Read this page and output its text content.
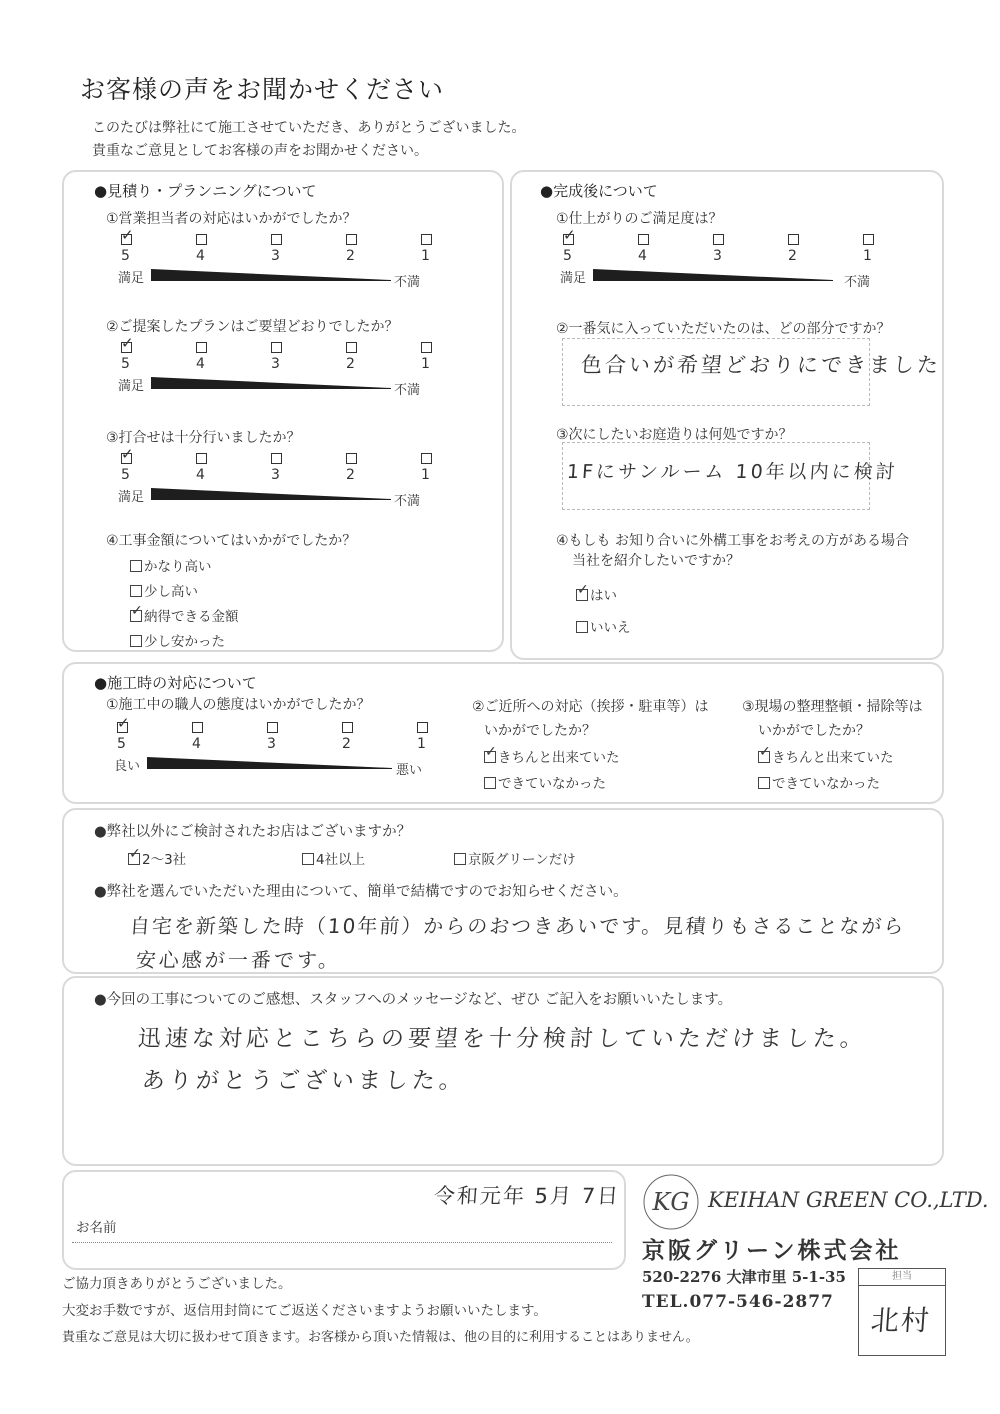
お客様の声をお聞かせください
このたびは弊社にて施工させていただき、ありがとうございました。
貴重なご意見としてお客様の声をお聞かせください。
●見積り・プランニングについて
①営業担当者の対応はいかがでしたか？
✓
5	4	3	2	1
満足	不満
②ご提案したプランはご要望どおりでしたか？
✓
5	4	3	2	1
満足	不満
③打合せは十分行いましたか？
✓
5	4	3	2	1
満足	不満
④工事金額についてはいかがでしたか？
かなり高い
少し高い
✓納得できる金額
少し安かった
●完成後について
①仕上がりのご満足度は？
✓
5	4	3	2	1
満足	不満
②一番気に入っていただいたのは、どの部分ですか？
色合いが希望どおりにできました
③次にしたいお庭造りは何処ですか？
1Fにサンルーム 10年以内に検討
④もしも お知り合いに外構工事をお考えの方がある場合
当社を紹介したいですか？
✓はい
いいえ
●施工時の対応について
①施工中の職人の態度はいかがでしたか？
✓
5	4	3	2	1
良い	悪い
②ご近所への対応（挨拶・駐車等）は
いかがでしたか？
✓きちんと出来ていた
できていなかった
③現場の整理整頓・掃除等は
いかがでしたか？
✓きちんと出来ていた
できていなかった
●弊社以外にご検討されたお店はございますか？
✓2～3社	4社以上	京阪グリーンだけ
●弊社を選んでいただいた理由について、簡単で結構ですのでお知らせください。
自宅を新築した時（10年前）からのおつきあいです。見積りもさることながら
安心感が一番です。
●今回の工事についてのご感想、スタッフへのメッセージなど、ぜひ ご記入をお願いいたします。
迅速な対応とこちらの要望を十分検討していただけました。
ありがとうございました。
令和元年 5月 7日
お名前
KG KEIHAN GREEN CO.,LTD.
京阪グリーン株式会社
520-2276 大津市里 5-1-35
TEL.077-546-2877
担当
北村
ご協力頂きありがとうございました。
大変お手数ですが、返信用封筒にてご返送くださいますようお願いいたします。
貴重なご意見は大切に扱わせて頂きます。お客様から頂いた情報は、他の目的に利用することはありません。
